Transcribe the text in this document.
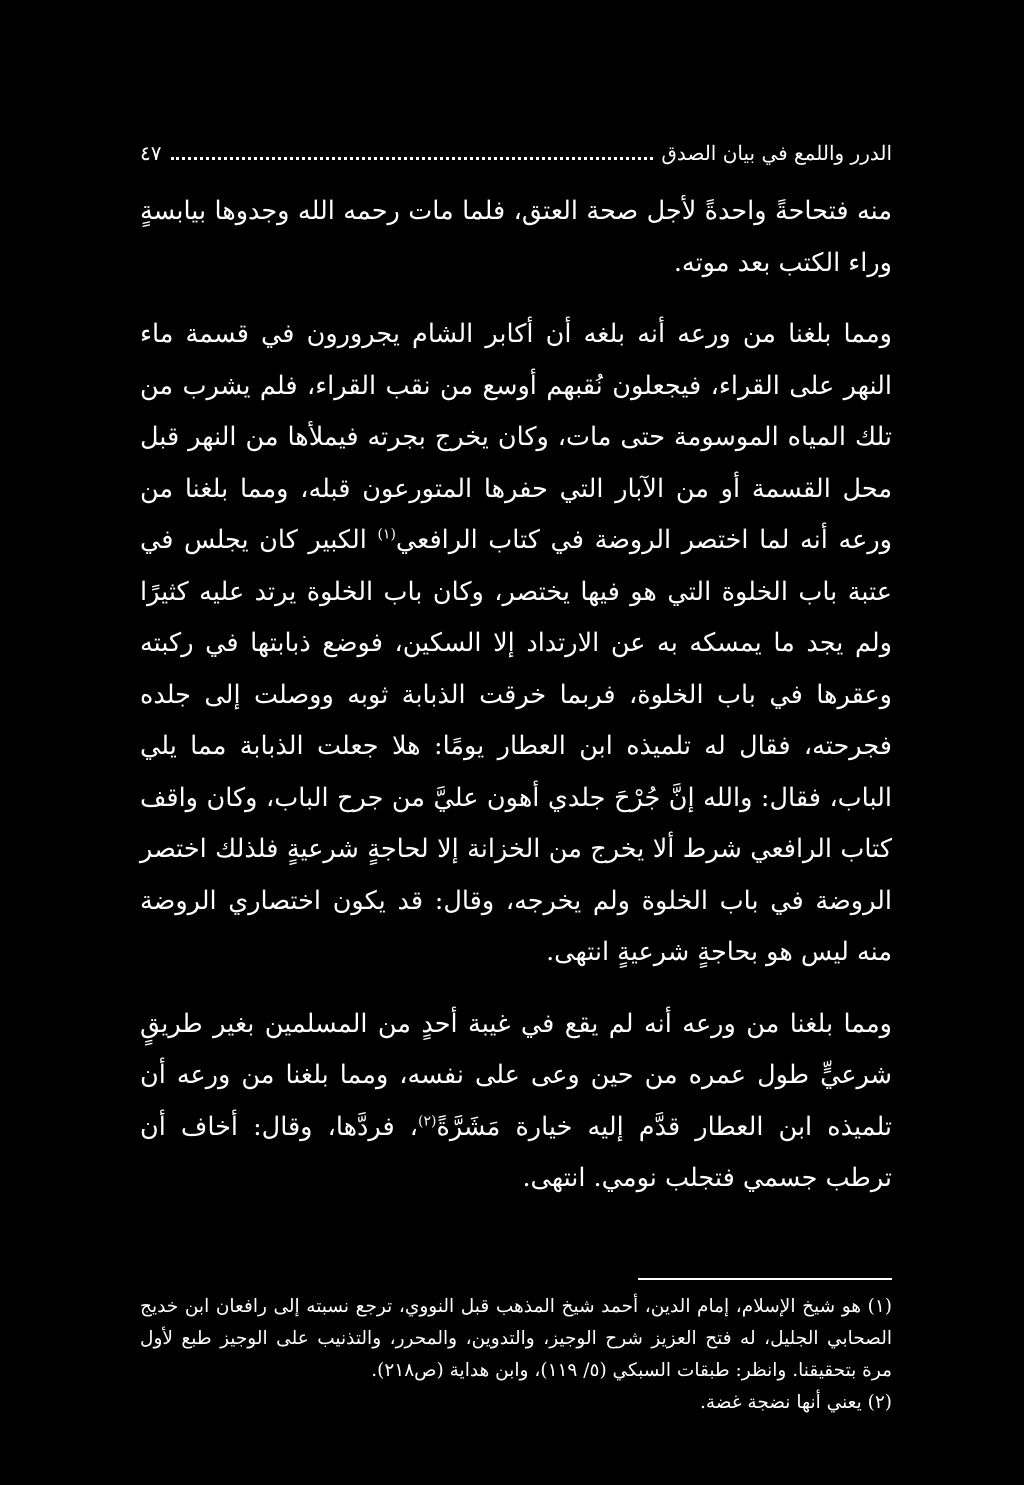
الدرر واللمع في بيان الصدق
٤٧

منه فتحاحةً واحدةً لأجل صحة العتق، فلما مات رحمه الله وجدوها بيابسةٍ وراء الكتب بعد موته.

ومما بلغنا من ورعه أنه بلغه أن أكابر الشام يجرورون في قسمة ماء النهر على القراء، فيجعلون نُقبهم أوسع من نقب القراء، فلم يشرب من تلك المياه الموسومة حتى مات، وكان يخرج بجرته فيملأها من النهر قبل محل القسمة أو من الآبار التي حفرها المتورعون قبله، ومما بلغنا من ورعه أنه لما اختصر الروضة في كتاب الرافعي$^{(١)}$ الكبير كان يجلس في عتبة باب الخلوة التي هو فيها يختصر، وكان باب الخلوة يرتد عليه كثيرًا ولم يجد ما يمسكه به عن الارتداد إلا السكين، فوضع ذبابتها في ركبته وعقرها في باب الخلوة، فربما خرقت الذبابة ثوبه ووصلت إلى جلده فجرحته، فقال له تلميذه ابن العطار يومًا: هلا جعلت الذبابة مما يلي الباب، فقال: والله إنَّ جُرْحَ جلدي أهون عليَّ من جرح الباب، وكان واقف كتاب الرافعي شرط ألا يخرج من الخزانة إلا لحاجةٍ شرعيةٍ فلذلك اختصر الروضة في باب الخلوة ولم يخرجه، وقال: قد يكون اختصاري الروضة منه ليس هو بحاجةٍ شرعيةٍ انتهى.

ومما بلغنا من ورعه أنه لم يقع في غيبة أحدٍ من المسلمين بغير طريقٍ شرعيٍّ طول عمره من حين وعى على نفسه، ومما بلغنا من ورعه أن تلميذه ابن العطار قدَّم إليه خيارة مَشَرَّةً$^{(٢)}$، فردَّها، وقال: أخاف أن ترطب جسمي فتجلب نومي. انتهى.

(١) هو شيخ الإسلام، إمام الدين، أحمد شيخ المذهب قبل النووي، ترجع نسبته إلى رافعان ابن خديج الصحابي الجليل، له فتح العزيز شرح الوجيز، والتدوين، والمحرر، والتذنيب على الوجيز طبع لأول مرة بتحقيقنا. وانظر: طبقات السبكي (٥/ ١١٩)، وابن هداية (ص٢١٨).

(٢) يعني أنها نضجة غضة.
